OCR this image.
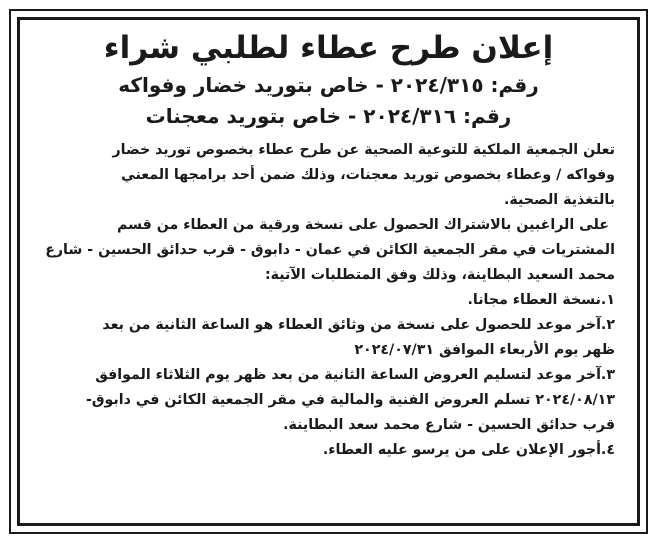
إعلان طرح عطاء لطلبي شراء

رقم: ٢٠٢٤/٣١٥ - خاص بتوريد خضار وفواكه

رقم: ٢٠٢٤/٣١٦ - خاص بتوريد معجنات

تعلن الجمعية الملكية للتوعية الصحية عن طرح عطاء بخصوص توريد خضار
وفواكه / وعطاء بخصوص توريد معجنات، وذلك ضمن أحد برامجها المعني
بالتغذية الصحية.
على الراغبين بالاشتراك الحصول على نسخة ورقية من العطاء من قسم
المشتريات في مقر الجمعية الكائن في عمان - دابوق - قرب حدائق الحسين - شارع
محمد السعيد البطاينة، وذلك وفق المتطلبات الآتية:
١.نسخة العطاء مجانا.
٢.آخر موعد للحصول على نسخة من وثائق العطاء هو الساعة الثانية من بعد
ظهر يوم الأربعاء الموافق ٢٠٢٤/٠٧/٣١
٣.آخر موعد لتسليم العروض الساعة الثانية من بعد ظهر يوم الثلاثاء الموافق
٢٠٢٤/٠٨/١٣ تسلم العروض الفنية والمالية في مقر الجمعية الكائن في دابوق-
قرب حدائق الحسين - شارع محمد سعد البطاينة.
٤.أجور الإعلان على من يرسو عليه العطاء.
